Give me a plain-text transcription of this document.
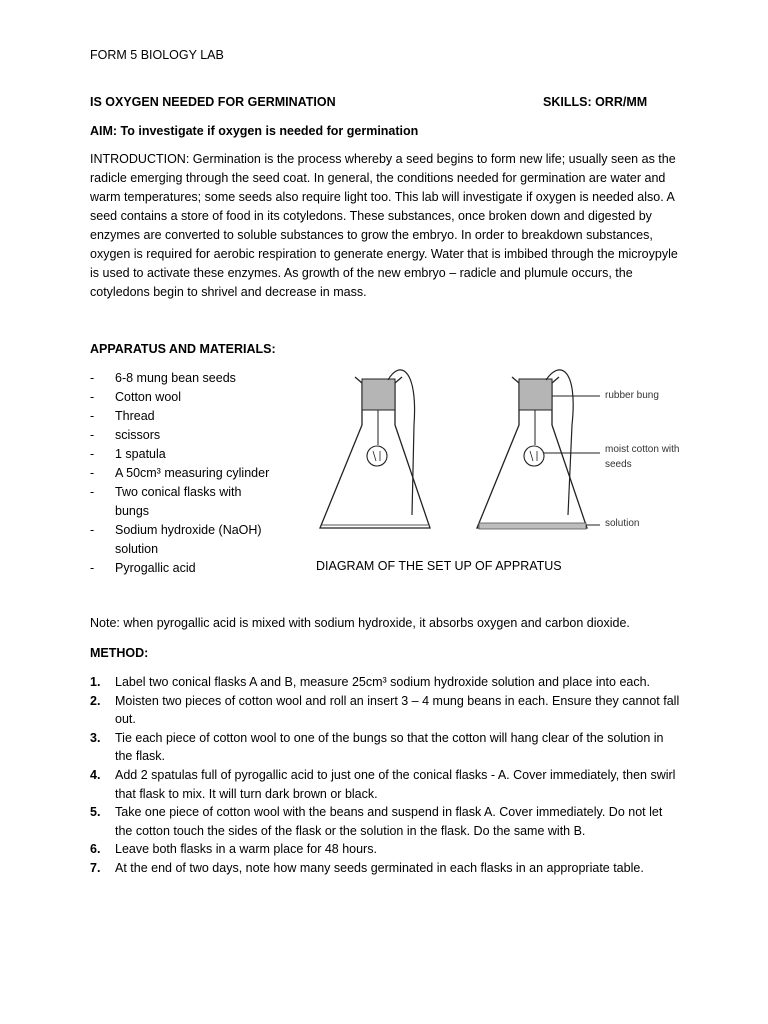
FORM 5 BIOLOGY LAB
IS OXYGEN NEEDED FOR GERMINATION	SKILLS: ORR/MM
AIM: To investigate if oxygen is needed for germination
INTRODUCTION: Germination is the process whereby a seed begins to form new life; usually seen as the radicle emerging through the seed coat. In general, the conditions needed for germination are water and warm temperatures; some seeds also require light too. This lab will investigate if oxygen is needed also. A seed contains a store of food in its cotyledons. These substances, once broken down and digested by enzymes are converted to soluble substances to grow the embryo. In order to breakdown substances, oxygen is required for aerobic respiration to generate energy. Water that is imbibed through the microypyle is used to activate these enzymes. As growth of the new embryo – radicle and plumule occurs, the cotyledons begin to shrivel and decrease in mass.
APPARATUS AND MATERIALS:
- 6-8 mung bean seeds
- Cotton wool
- Thread
- scissors
- 1 spatula
- A 50cm³ measuring cylinder
- Two conical flasks with bungs
- Sodium hydroxide (NaOH) solution
- Pyrogallic acid
rubber bung
moist cotton with seeds
solution
DIAGRAM OF THE SET UP OF APPRATUS
Note: when pyrogallic acid is mixed with sodium hydroxide, it absorbs oxygen and carbon dioxide.
METHOD:
1. Label two conical flasks A and B, measure 25cm³ sodium hydroxide solution and place into each.
2. Moisten two pieces of cotton wool and roll an insert 3 – 4 mung beans in each. Ensure they cannot fall out.
3. Tie each piece of cotton wool to one of the bungs so that the cotton will hang clear of the solution in the flask.
4. Add 2 spatulas full of pyrogallic acid to just one of the conical flasks - A. Cover immediately, then swirl that flask to mix. It will turn dark brown or black.
5. Take one piece of cotton wool with the beans and suspend in flask A. Cover immediately. Do not let the cotton touch the sides of the flask or the solution in the flask. Do the same with B.
6. Leave both flasks in a warm place for 48 hours.
7. At the end of two days, note how many seeds germinated in each flasks in an appropriate table.
